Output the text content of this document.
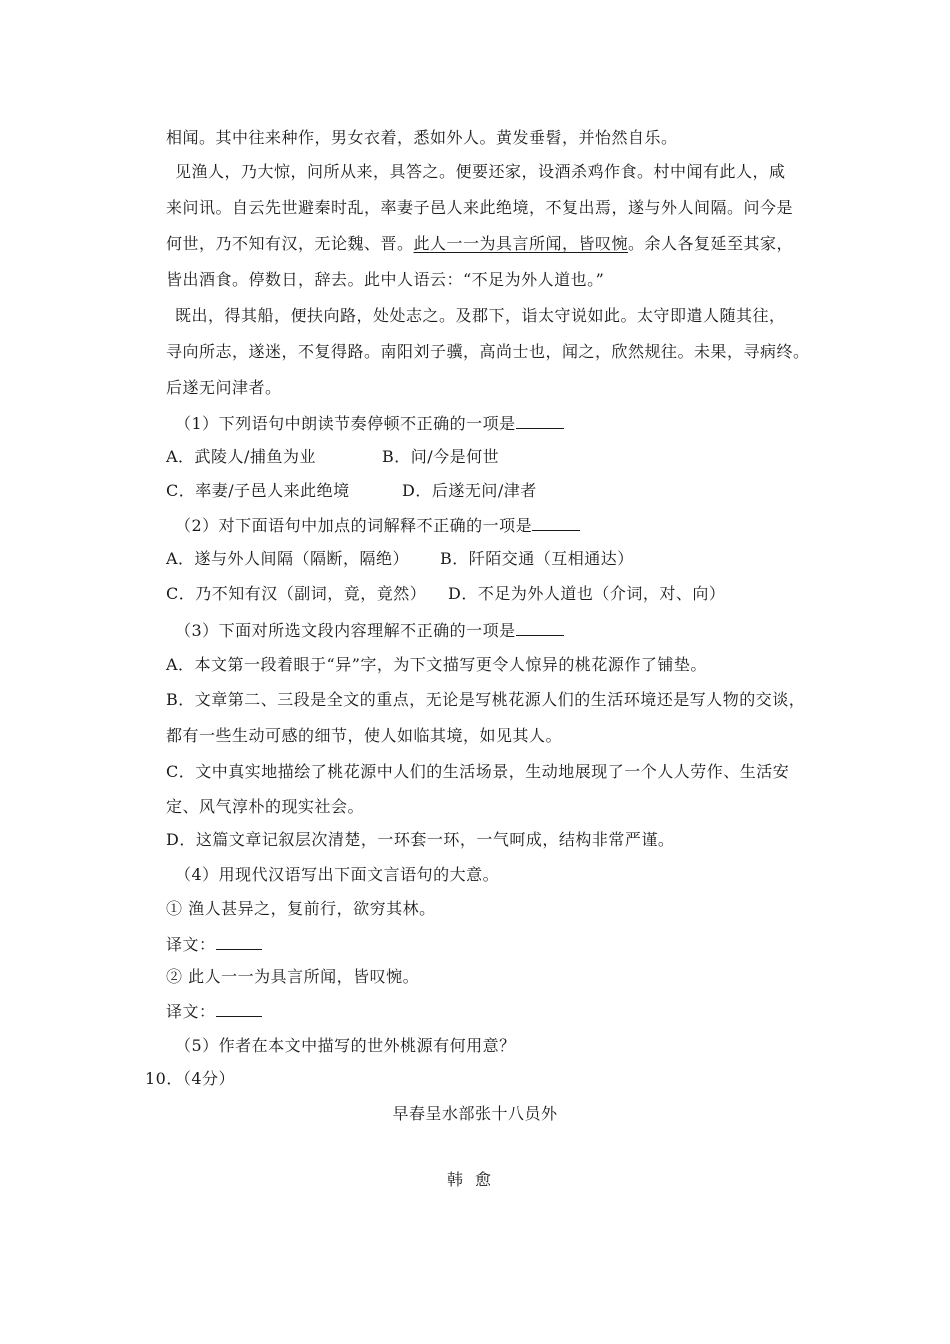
相闻。其中往来种作，男女衣着，悉如外人。黄发垂髫，并怡然自乐。
见渔人，乃大惊，问所从来，具答之。便要还家，设酒杀鸡作食。村中闻有此人，咸
来问讯。自云先世避秦时乱，率妻子邑人来此绝境，不复出焉，遂与外人间隔。问今是
何世，乃不知有汉，无论魏、晋。此人一一为具言所闻，皆叹惋。余人各复延至其家，
皆出酒食。停数日，辞去。此中人语云：“不足为外人道也。”
既出，得其船，便扶向路，处处志之。及郡下，诣太守说如此。太守即遣人随其往，
寻向所志，遂迷，不复得路。南阳刘子骥，高尚士也，闻之，欣然规往。未果，寻病终。
后遂无问津者。
（1）下列语句中朗读节奏停顿不正确的一项是
A．武陵人/捕鱼为业	B．问/今是何世
C．率妻/子邑人来此绝境	D．后遂无问/津者
（2）对下面语句中加点的词解释不正确的一项是
A．遂与外人间隔（隔断，隔绝） B．阡陌交通（互相通达）
C．乃不知有汉（副词，竟，竟然） D．不足为外人道也（介词，对、向）
（3）下面对所选文段内容理解不正确的一项是
A．本文第一段着眼于“异”字，为下文描写更令人惊异的桃花源作了铺垫。
B．文章第二、三段是全文的重点，无论是写桃花源人们的生活环境还是写人物的交谈，
都有一些生动可感的细节，使人如临其境，如见其人。
C．文中真实地描绘了桃花源中人们的生活场景，生动地展现了一个人人劳作、生活安
定、风气淳朴的现实社会。
D．这篇文章记叙层次清楚，一环套一环，一气呵成，结构非常严谨。
（4）用现代汉语写出下面文言语句的大意。
① 渔人甚异之，复前行，欲穷其林。
译文：
② 此人一一为具言所闻，皆叹惋。
译文：
（5）作者在本文中描写的世外桃源有何用意？
10．（4分）
早春呈水部张十八员外
韩愈
